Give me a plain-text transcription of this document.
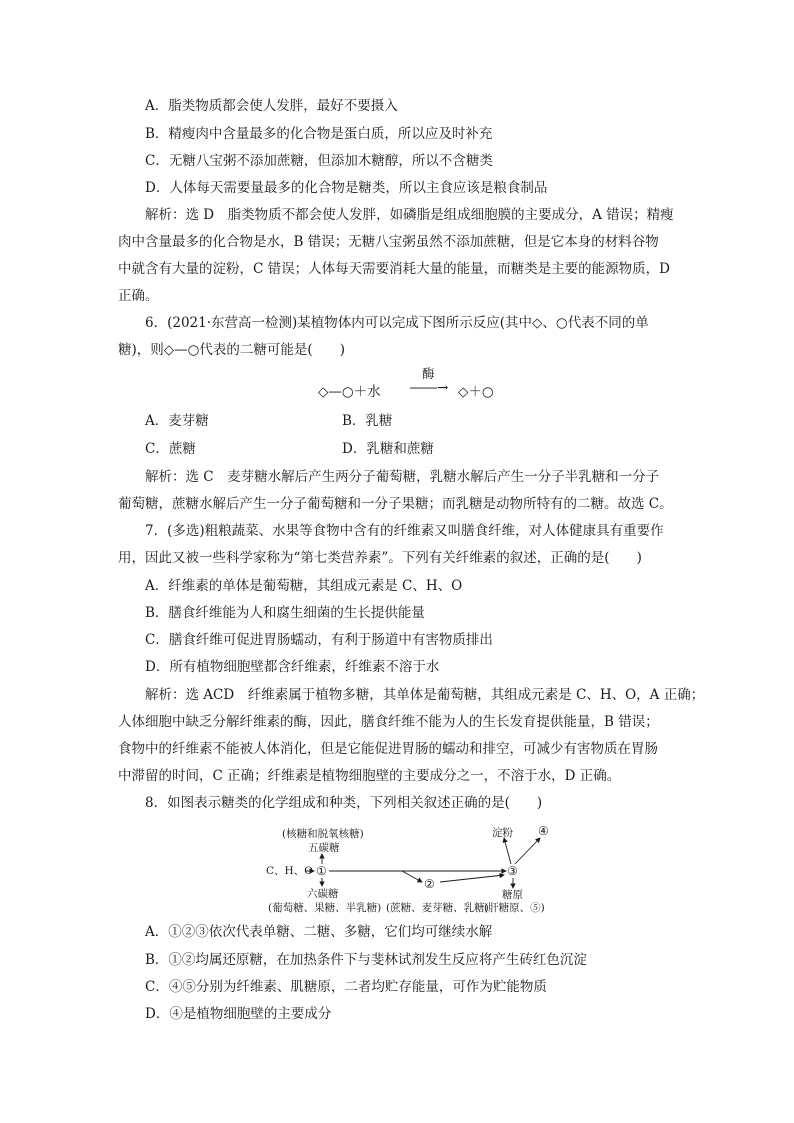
A．脂类物质都会使人发胖，最好不要摄入
B．精瘦肉中含量最多的化合物是蛋白质，所以应及时补充
C．无糖八宝粥不添加蔗糖，但添加木糖醇，所以不含糖类
D．人体每天需要量最多的化合物是糖类，所以主食应该是粮食制品
解析：选 D　脂类物质不都会使人发胖，如磷脂是组成细胞膜的主要成分，A 错误；精瘦
肉中含量最多的化合物是水，B 错误；无糖八宝粥虽然不添加蔗糖，但是它本身的材料谷物
中就含有大量的淀粉，C 错误；人体每天需要消耗大量的能量，而糖类是主要的能源物质，D
正确。
6．(2021·东营高一检测)某植物体内可以完成下图所示反应(其中◇、○代表不同的单
糖)，则◇—○代表的二糖可能是(　　)
◇—○＋水
酶
――→ ◇＋○
A．麦芽糖	B．乳糖
C．蔗糖	D．乳糖和蔗糖
解析：选 C　麦芽糖水解后产生两分子葡萄糖，乳糖水解后产生一分子半乳糖和一分子
葡萄糖，蔗糖水解后产生一分子葡萄糖和一分子果糖；而乳糖是动物所特有的二糖。故选 C。
7．(多选)粗粮蔬菜、水果等食物中含有的纤维素又叫膳食纤维，对人体健康具有重要作
用，因此又被一些科学家称为“第七类营养素”。下列有关纤维素的叙述，正确的是(　　)
A．纤维素的单体是葡萄糖，其组成元素是 C、H、O
B．膳食纤维能为人和腐生细菌的生长提供能量
C．膳食纤维可促进胃肠蠕动，有利于肠道中有害物质排出
D．所有植物细胞壁都含纤维素，纤维素不溶于水
解析：选 ACD　纤维素属于植物多糖，其单体是葡萄糖，其组成元素是 C、H、O，A 正确；
人体细胞中缺乏分解纤维素的酶，因此，膳食纤维不能为人的生长发育提供能量，B 错误；
食物中的纤维素不能被人体消化，但是它能促进胃肠的蠕动和排空，可减少有害物质在胃肠
中滞留的时间，C 正确；纤维素是植物细胞壁的主要成分之一，不溶于水，D 正确。
8．如图表示糖类的化学组成和种类，下列相关叙述正确的是(　　)
(核糖和脱氧核糖)
五碳糖
C、H、O ①
②
③
④
淀粉
六碳糖
(葡萄糖、果糖、半乳糖) (蔗糖、麦芽糖、乳糖)
糖原
(肝糖原、⑤)
A．①②③依次代表单糖、二糖、多糖，它们均可继续水解
B．①②均属还原糖，在加热条件下与斐林试剂发生反应将产生砖红色沉淀
C．④⑤分别为纤维素、肌糖原，二者均贮存能量，可作为贮能物质
D．④是植物细胞壁的主要成分
